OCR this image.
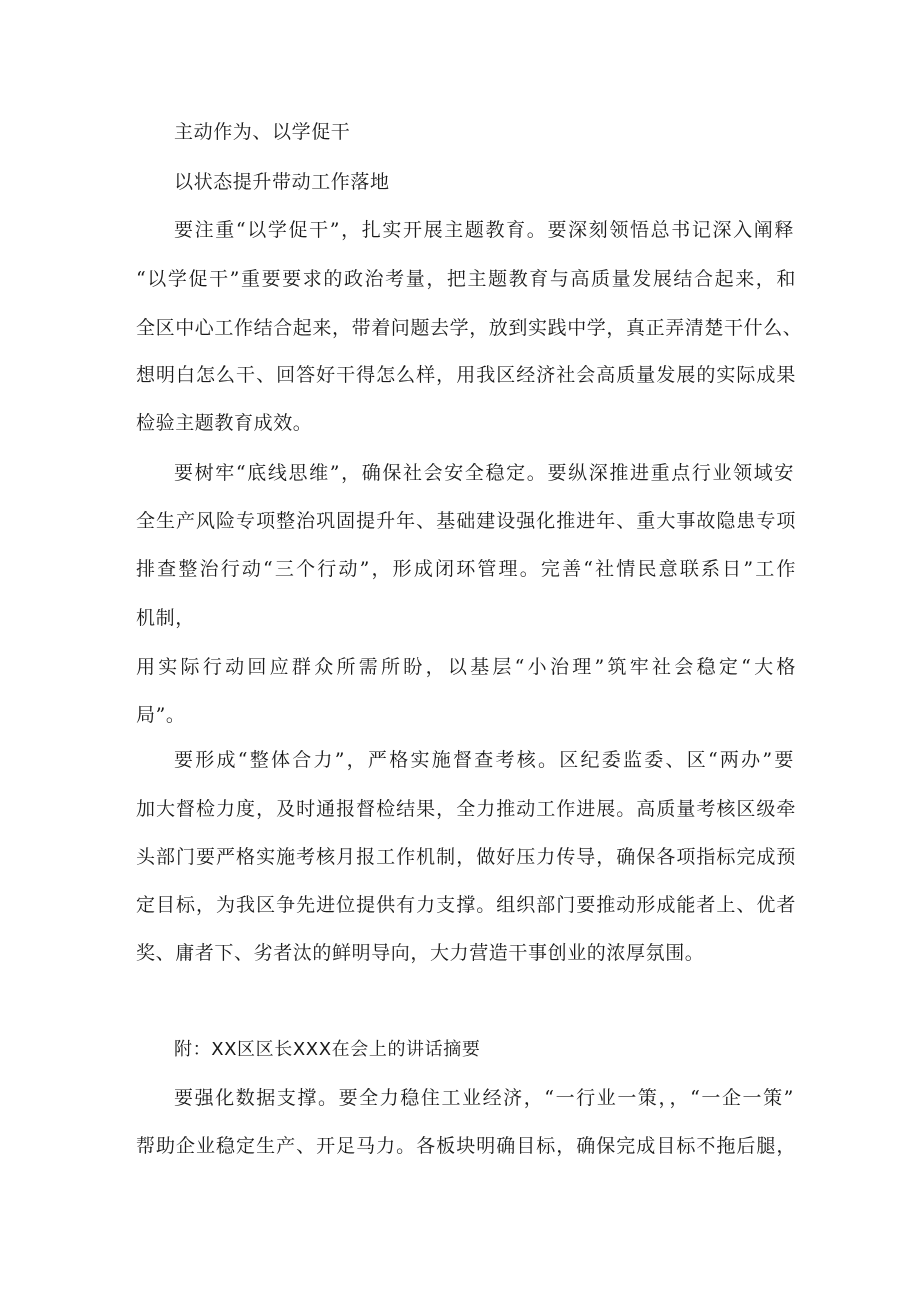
主动作为、以学促干
以状态提升带动工作落地
要注重“以学促干”，扎实开展主题教育。要深刻领悟总书记深入阐释
“以学促干”重要要求的政治考量，把主题教育与高质量发展结合起来，和
全区中心工作结合起来，带着问题去学，放到实践中学，真正弄清楚干什么、
想明白怎么干、回答好干得怎么样，用我区经济社会高质量发展的实际成果
检验主题教育成效。
要树牢“底线思维”，确保社会安全稳定。要纵深推进重点行业领域安
全生产风险专项整治巩固提升年、基础建设强化推进年、重大事故隐患专项
排查整治行动“三个行动”，形成闭环管理。完善“社情民意联系日”工作
机制，
用实际行动回应群众所需所盼，以基层“小治理”筑牢社会稳定“大格
局”。
要形成“整体合力”，严格实施督查考核。区纪委监委、区“两办”要
加大督检力度，及时通报督检结果，全力推动工作进展。高质量考核区级牵
头部门要严格实施考核月报工作机制，做好压力传导，确保各项指标完成预
定目标，为我区争先进位提供有力支撑。组织部门要推动形成能者上、优者
奖、庸者下、劣者汰的鲜明导向，大力营造干事创业的浓厚氛围。
附：XX区区长XXX在会上的讲话摘要
要强化数据支撑。要全力稳住工业经济，“一行业一策，，“一企一策”
帮助企业稳定生产、开足马力。各板块明确目标，确保完成目标不拖后腿，
